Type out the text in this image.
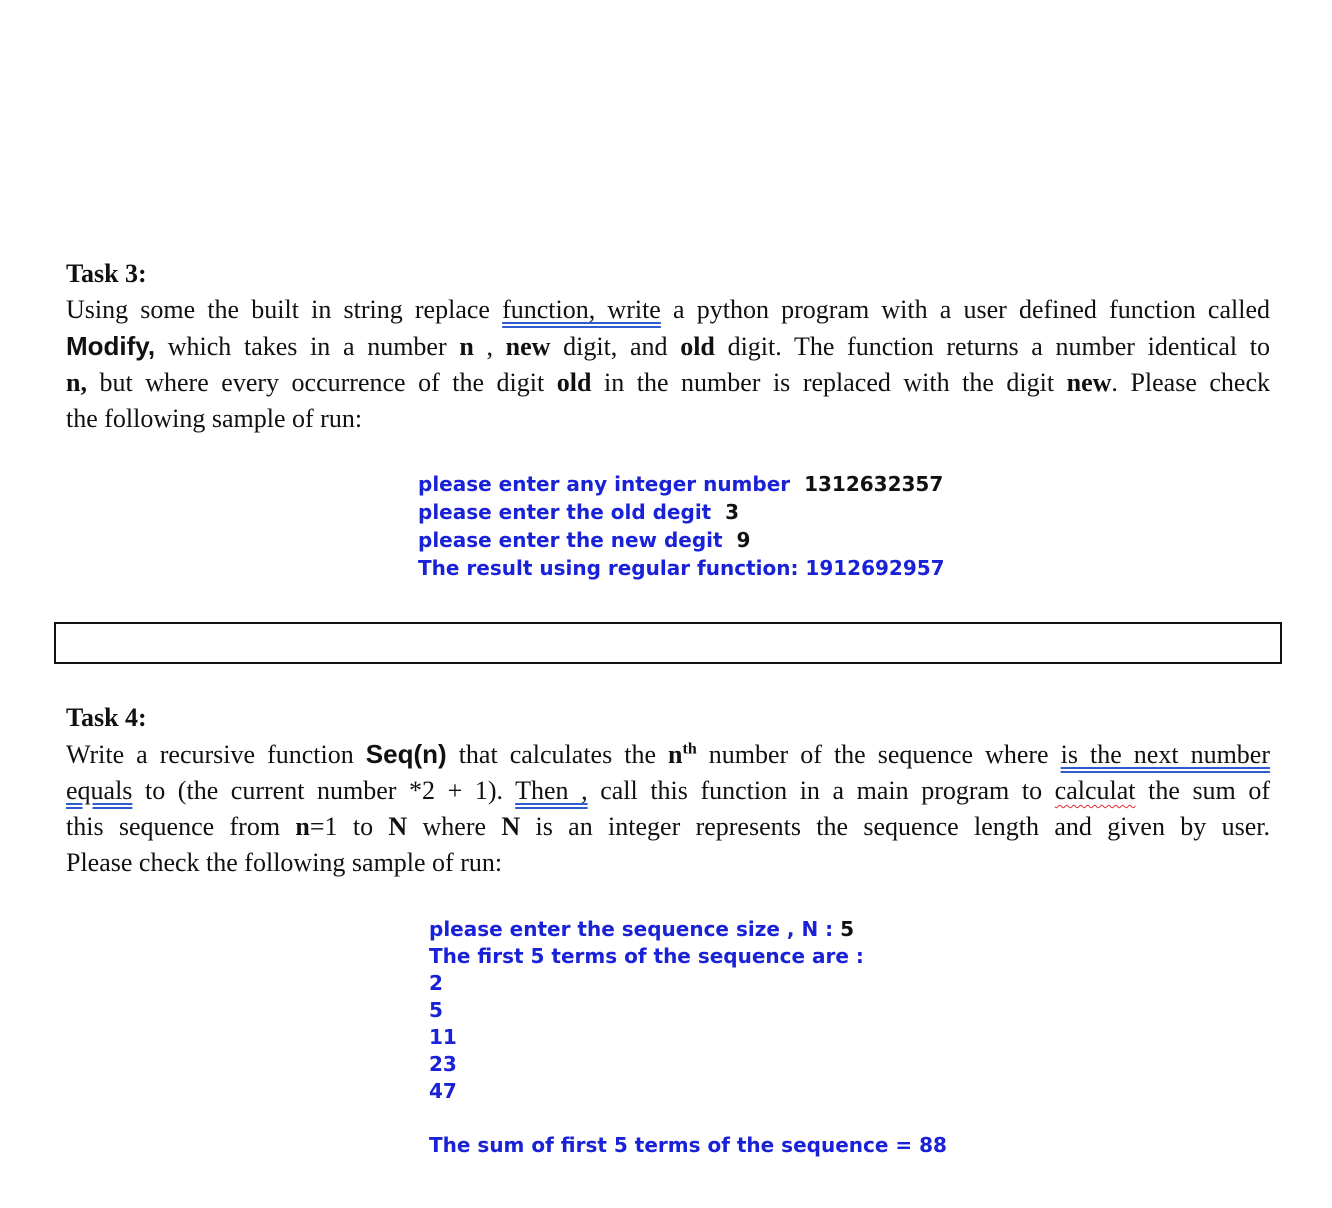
Task 3:

Using some the built in string replace function, write a python program with a user defined function called
Modify, which takes in a number n , new digit, and old digit. The function returns a number identical to
n, but where every occurrence of the digit old in the number is replaced with the digit new. Please check
the following sample of run:
please enter any integer number 1312632357
please enter the old degit 3
please enter the new degit 9
The result using regular function: 1912692957

Task 4:

Write a recursive function Seq(n) that calculates the $n^{th}$ number of the sequence where is the next number
equals to (the current number *2 + 1). Then , call this function in a main program to calculat the sum of
this sequence from n=1 to N where N is an integer represents the sequence length and given by user.
Please check the following sample of run:
please enter the sequence size , N : 5
The first 5 terms of the sequence are :
2
5
11
23
47
The sum of first 5 terms of the sequence = 88
